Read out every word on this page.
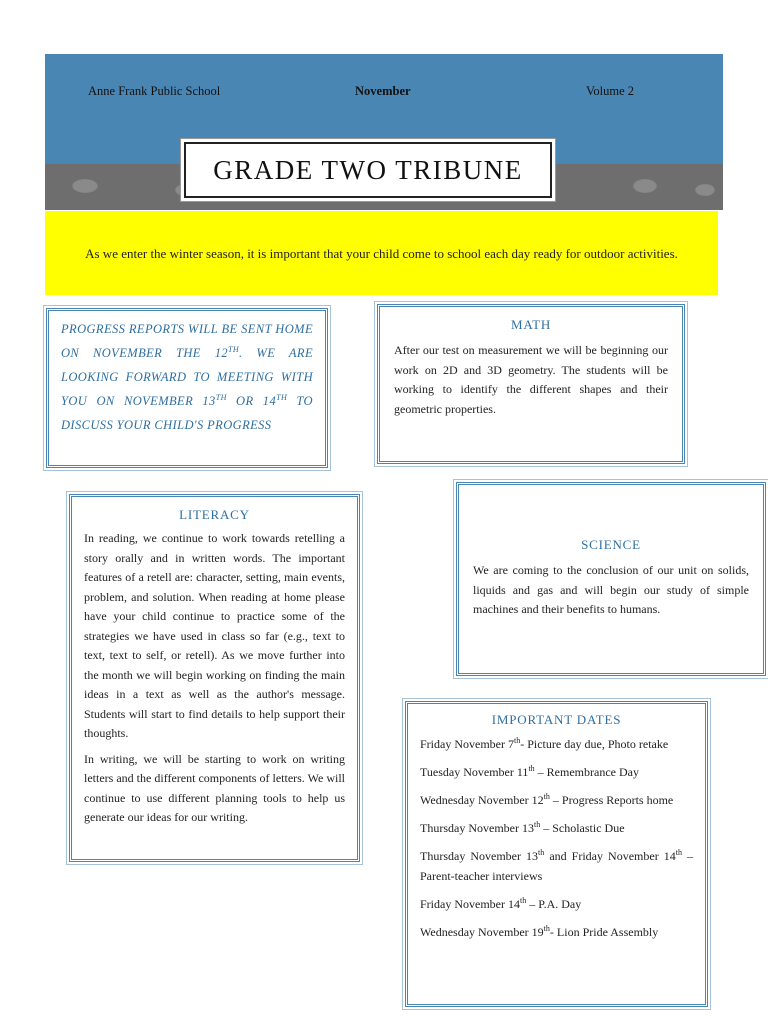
Anne Frank Public School	November	Volume 2
GRADE TWO TRIBUNE
As we enter the winter season, it is important that your child come to school each day ready for outdoor activities.

PROGRESS REPORTS WILL BE SENT HOME ON NOVEMBER THE 12TH. WE ARE LOOKING FORWARD TO MEETING WITH YOU ON NOVEMBER 13TH OR 14TH TO DISCUSS YOUR CHILD'S PROGRESS

MATH

After our test on measurement we will be beginning our work on 2D and 3D geometry. The students will be working to identify the different shapes and their geometric properties.

LITERACY

In reading, we continue to work towards retelling a story orally and in written words. The important features of a retell are: character, setting, main events, problem, and solution. When reading at home please have your child continue to practice some of the strategies we have used in class so far (e.g., text to text, text to self, or retell). As we move further into the month we will begin working on finding the main ideas in a text as well as the author's message. Students will start to find details to help support their thoughts.

In writing, we will be starting to work on writing letters and the different components of letters. We will continue to use different planning tools to help us generate our ideas for our writing.

SCIENCE

We are coming to the conclusion of our unit on solids, liquids and gas and will begin our study of simple machines and their benefits to humans.

IMPORTANT DATES

Friday November 7th- Picture day due, Photo retake

Tuesday November 11th – Remembrance Day

Wednesday November 12th – Progress Reports home

Thursday November 13th – Scholastic Due

Thursday November 13th and Friday November 14th – Parent-teacher interviews

Friday November 14th – P.A. Day

Wednesday November 19th- Lion Pride Assembly
